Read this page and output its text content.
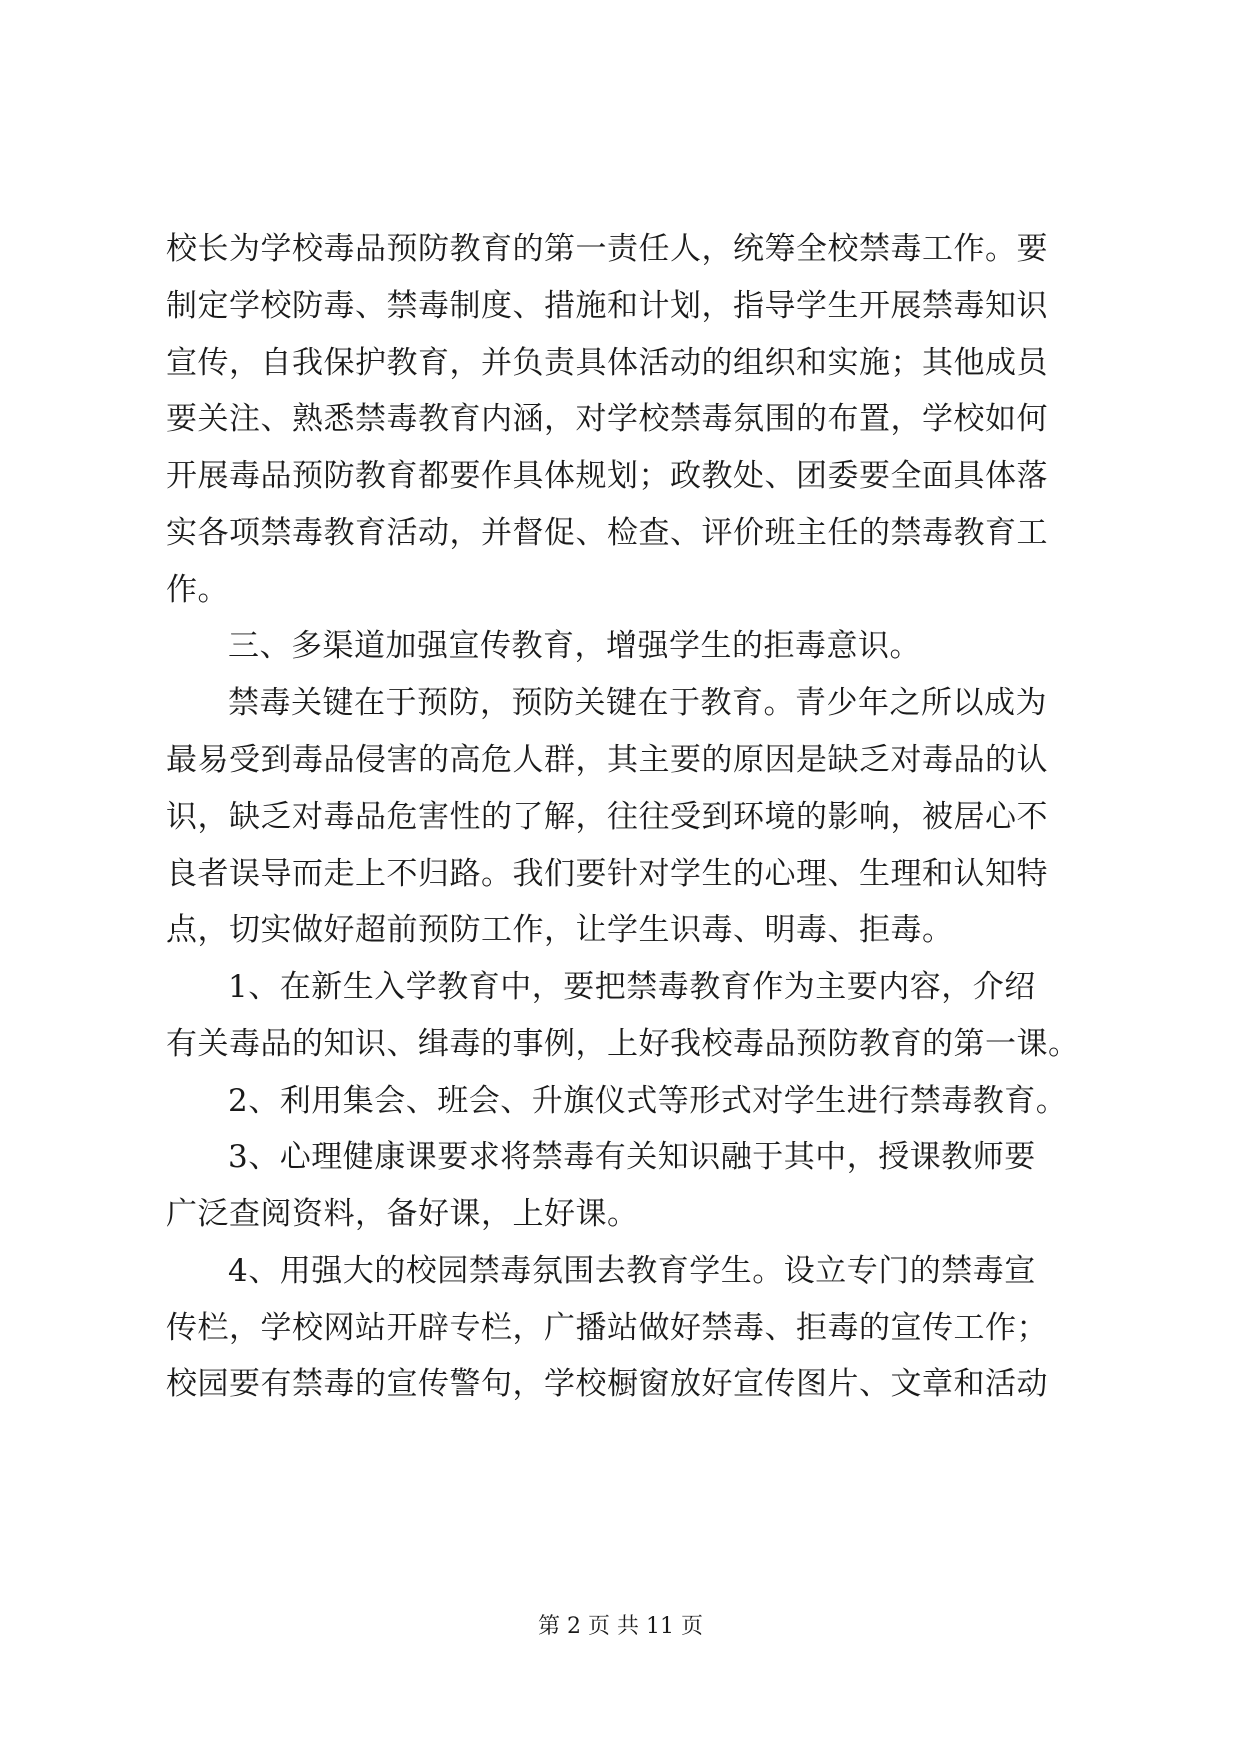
校长为学校毒品预防教育的第一责任人，统筹全校禁毒工作。要
制定学校防毒、禁毒制度、措施和计划，指导学生开展禁毒知识
宣传，自我保护教育，并负责具体活动的组织和实施；其他成员
要关注、熟悉禁毒教育内涵，对学校禁毒氛围的布置，学校如何
开展毒品预防教育都要作具体规划；政教处、团委要全面具体落
实各项禁毒教育活动，并督促、检查、评价班主任的禁毒教育工
作。
三、多渠道加强宣传教育，增强学生的拒毒意识。
禁毒关键在于预防，预防关键在于教育。青少年之所以成为
最易受到毒品侵害的高危人群，其主要的原因是缺乏对毒品的认
识，缺乏对毒品危害性的了解，往往受到环境的影响，被居心不
良者误导而走上不归路。我们要针对学生的心理、生理和认知特
点，切实做好超前预防工作，让学生识毒、明毒、拒毒。
1、在新生入学教育中，要把禁毒教育作为主要内容，介绍
有关毒品的知识、缉毒的事例，上好我校毒品预防教育的第一课。
2、利用集会、班会、升旗仪式等形式对学生进行禁毒教育。
3、心理健康课要求将禁毒有关知识融于其中，授课教师要
广泛查阅资料，备好课，上好课。
4、用强大的校园禁毒氛围去教育学生。设立专门的禁毒宣
传栏，学校网站开辟专栏，广播站做好禁毒、拒毒的宣传工作；
校园要有禁毒的宣传警句，学校橱窗放好宣传图片、文章和活动
第 2 页 共 11 页
